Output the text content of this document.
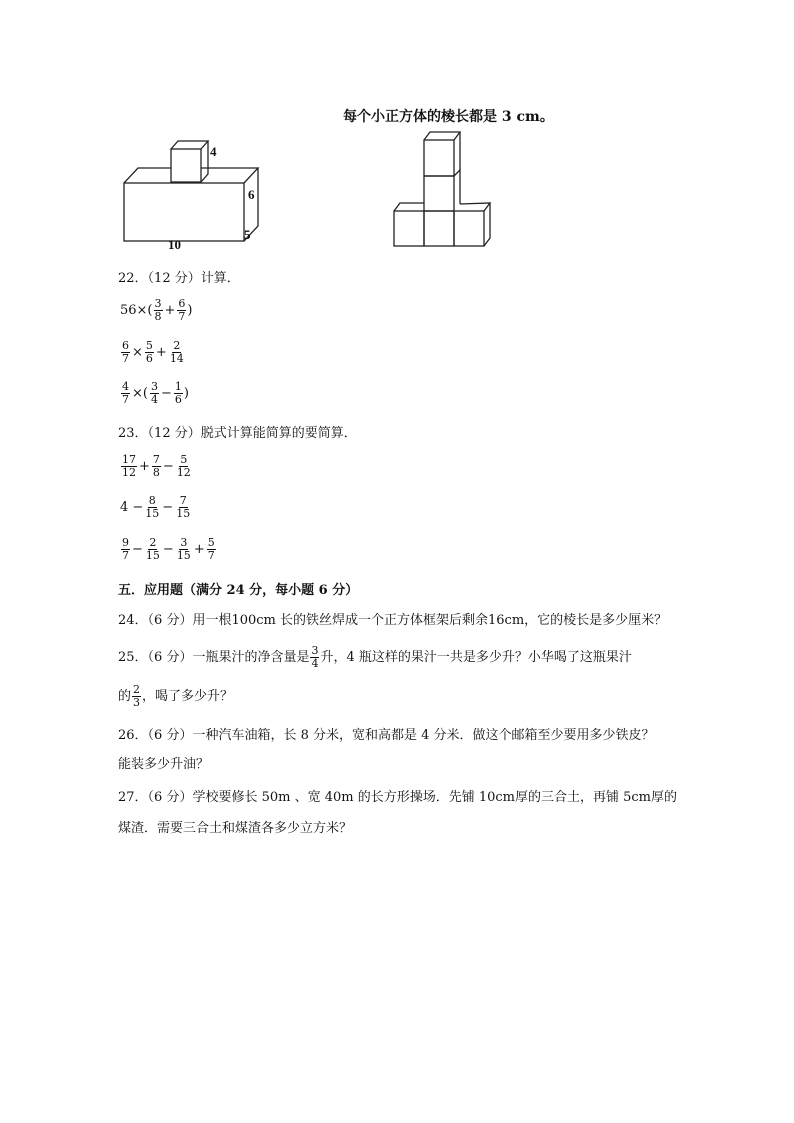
4
6
5
10
每个小正方体的棱长都是 3 cm。
22．（12 分）计算．
$56\times( \frac{3}{8} + \frac{6}{7}$ )
$\frac{6}{7} \times \frac{5}{6} + \frac{2}{14}$
$\frac{4}{7}$ ×( $\frac{3}{4} - \frac{1}{6}$ )
23．（12 分）脱式计算能简算的要简算．
$\frac{17}{12} + \frac{7}{8} - \frac{5}{12}$
$4 - \frac{8}{15} - \frac{7}{15}$
$\frac{9}{7} - \frac{2}{15} - \frac{3}{15} + \frac{5}{7}$
五．应用题（满分 24 分，每小题 6 分）
24．（6 分）用一根100cm 长的铁丝焊成一个正方体框架后剩余16cm，它的棱长是多少厘米？
25．（6 分）一瓶果汁的净含量是 $\frac{3}{4}$ 升，4 瓶这样的果汁一共是多少升？小华喝了这瓶果汁
的 $\frac{2}{3}$ ，喝了多少升？
26．（6 分）一种汽车油箱，长 8 分米，宽和高都是 4 分米．做这个邮箱至少要用多少铁皮？
能装多少升油？
27．（6 分）学校要修长 50m 、宽 40m 的长方形操场．先铺 10cm厚的三合土，再铺 5cm厚的
煤渣．需要三合土和煤渣各多少立方米？
